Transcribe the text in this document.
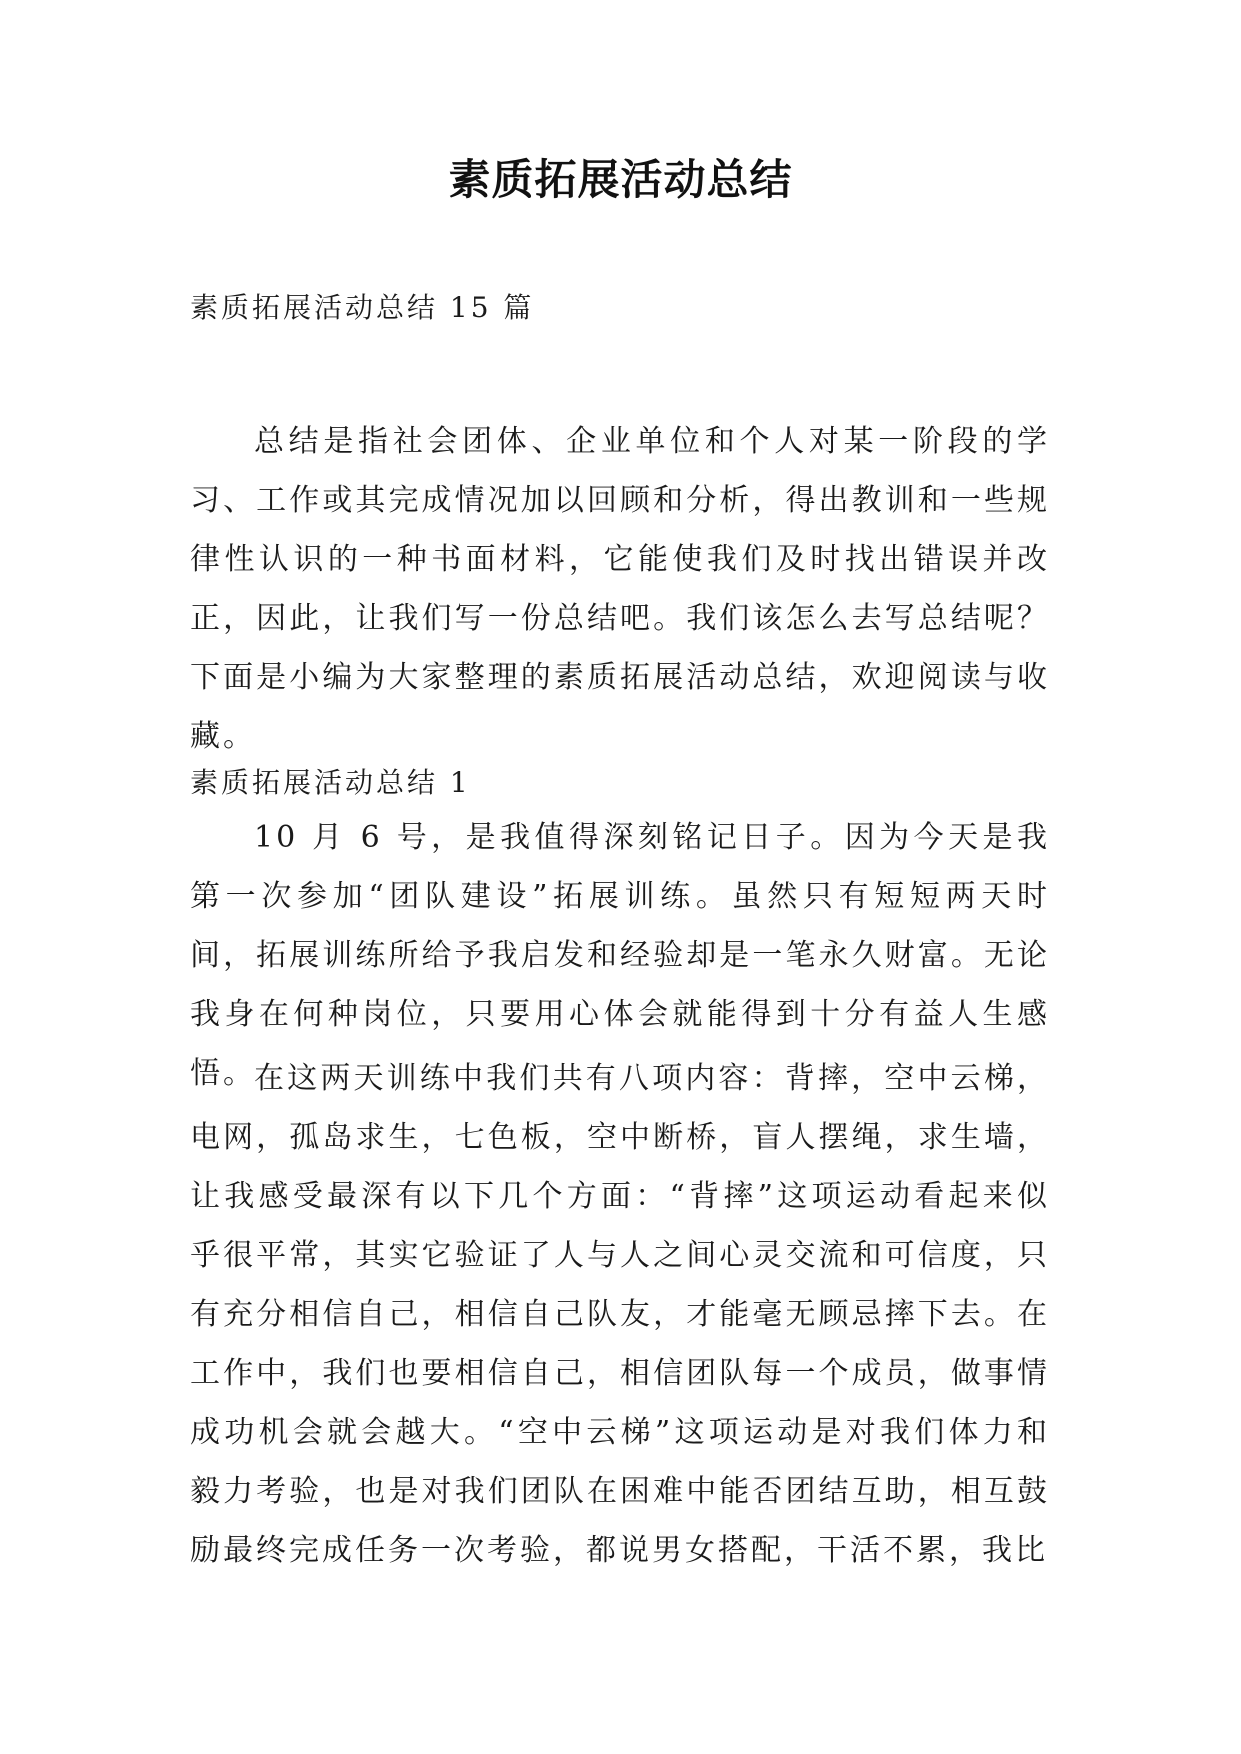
素质拓展活动总结
素质拓展活动总结 15 篇

总结是指社会团体、企业单位和个人对某一阶段的学习、工作或其完成情况加以回顾和分析，得出教训和一些规律性认识的一种书面材料，它能使我们及时找出错误并改正，因此，让我们写一份总结吧。我们该怎么去写总结呢？下面是小编为大家整理的素质拓展活动总结，欢迎阅读与收藏。

素质拓展活动总结 1

10 月 6 号，是我值得深刻铭记日子。因为今天是我第一次参加“团队建设”拓展训练。虽然只有短短两天时间，拓展训练所给予我启发和经验却是一笔永久财富。无论我身在何种岗位，只要用心体会就能得到十分有益人生感悟。

在这两天训练中我们共有八项内容：背摔，空中云梯，电网，孤岛求生，七色板，空中断桥，盲人摆绳，求生墙，让我感受最深有以下几个方面：“背摔”这项运动看起来似乎很平常，其实它验证了人与人之间心灵交流和可信度，只有充分相信自己，相信自己队友，才能毫无顾忌摔下去。在工作中，我们也要相信自己，相信团队每一个成员，做事情成功机会就会越大。“空中云梯”这项运动是对我们体力和毅力考验，也是对我们团队在困难中能否团结互助，相互鼓励最终完成任务一次考验，都说男女搭配，干活不累，我比
